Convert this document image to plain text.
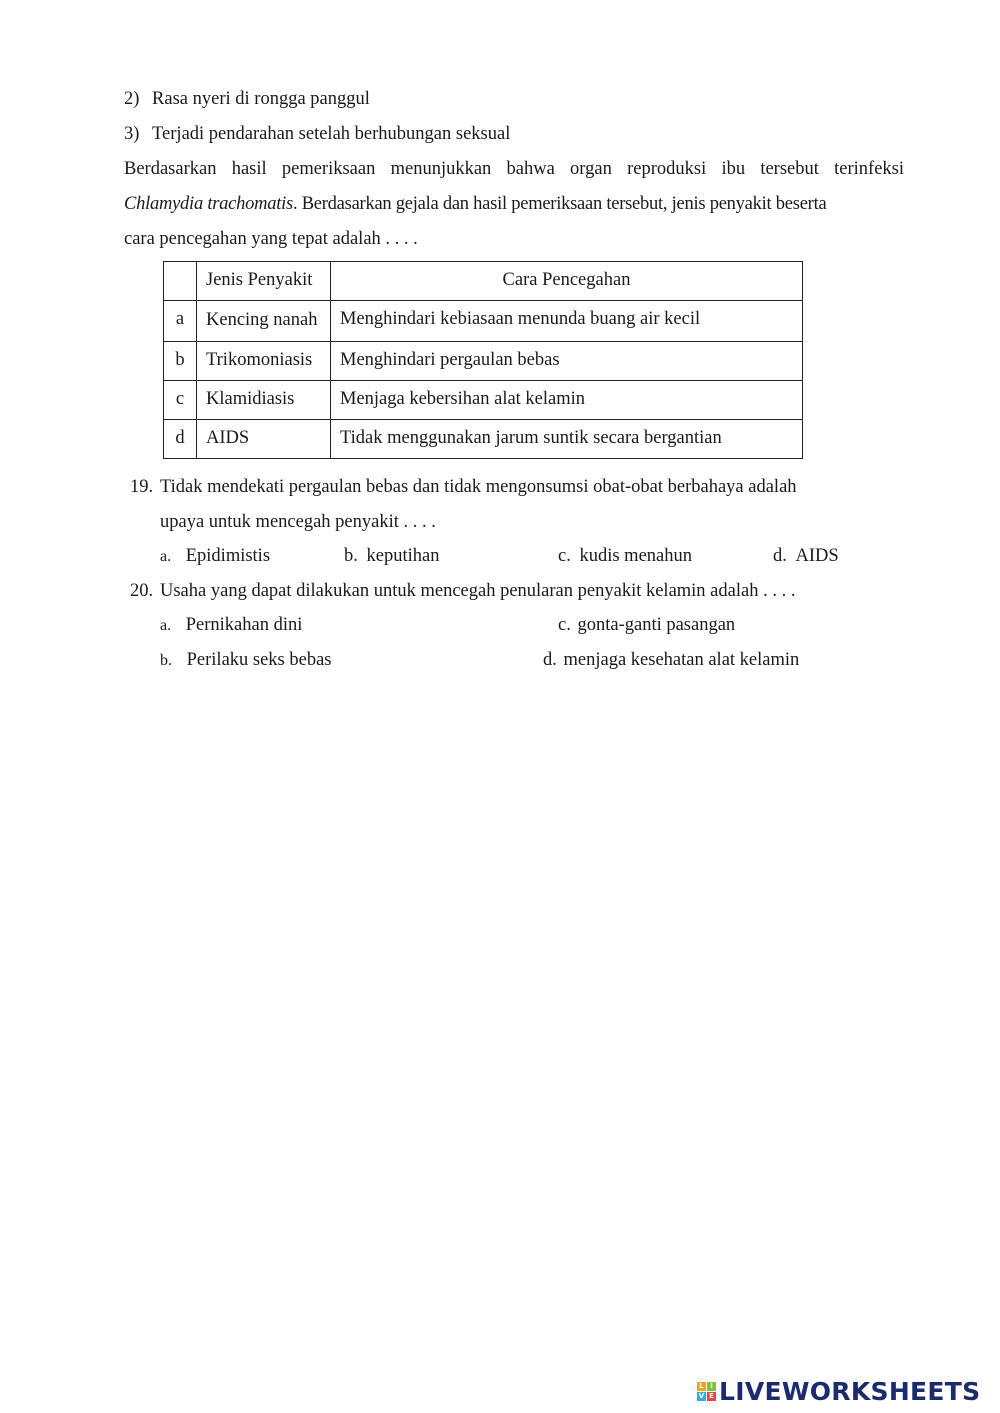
2) Rasa nyeri di rongga panggul
3) Terjadi pendarahan setelah berhubungan seksual
Berdasarkan hasil pemeriksaan menunjukkan bahwa organ reproduksi ibu tersebut terinfeksi
Chlamydia trachomatis. Berdasarkan gejala dan hasil pemeriksaan tersebut, jenis penyakit beserta
cara pencegahan yang tepat adalah . . . .
	Jenis Penyakit	Cara Pencegahan
a	Kencing nanah	Menghindari kebiasaan menunda buang air kecil
b	Trikomoniasis	Menghindari pergaulan bebas
c	Klamidiasis	Menjaga kebersihan alat kelamin
d	AIDS	Tidak menggunakan jarum suntik secara bergantian
19. Tidak mendekati pergaulan bebas dan tidak mengonsumsi obat-obat berbahaya adalah
upaya untuk mencegah penyakit . . . .
a. Epidimistis	b. keputihan	c. kudis menahun	d. AIDS
20. Usaha yang dapat dilakukan untuk mencegah penularan penyakit kelamin adalah . . . .
a. Pernikahan dini	c. gonta-ganti pasangan
b. Perilaku seks bebas	d. menjaga kesehatan alat kelamin
L I
V E LIVEWORKSHEETS
